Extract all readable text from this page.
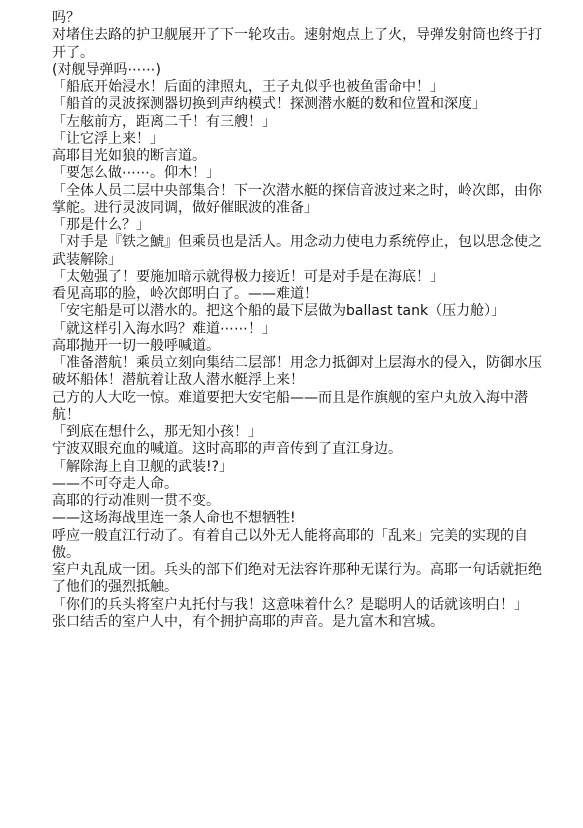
吗？

对堵住去路的护卫舰展开了下一轮攻击。速射炮点上了火，导弹发射筒也终于打开了。

(对舰导弹吗⋯⋯)

「船底开始浸水！后面的津照丸，王子丸似乎也被鱼雷命中！」

「船首的灵波探测器切换到声纳模式！探测潜水艇的数和位置和深度」

「左舷前方，距离二千！有三艘！」

「让它浮上来！」

高耶目光如狼的断言道。

「要怎么做⋯⋯。仰木！」

「全体人员二层中央部集合！下一次潜水艇的探信音波过来之时，岭次郎，由你掌舵。进行灵波同调，做好催眠波的准备」

「那是什么？」

「对手是『铁之鯱』但乘员也是活人。用念动力使电力系统停止，包以思念使之武装解除」

「太勉强了！要施加暗示就得极力接近！可是对手是在海底！」

看见高耶的脸，岭次郎明白了。——难道！

「安宅船是可以潜水的。把这个船的最下层做为ballast tank（压力舱）」

「就这样引入海水吗？难道⋯⋯！」

高耶抛开一切一般呼喊道。

「准备潜航！乘员立刻向集结二层部！用念力抵御对上层海水的侵入，防御水压破坏船体！潜航着让敌人潜水艇浮上来！

己方的人大吃一惊。难道要把大安宅船——而且是作旗舰的室户丸放入海中潜航！

「到底在想什么，那无知小孩！」

宁波双眼充血的喊道。这时高耶的声音传到了直江身边。

「解除海上自卫舰的武装!?」

——不可夺走人命。

高耶的行动准则一贯不变。

——这场海战里连一条人命也不想牺牲!

呼应一般直江行动了。有着自己以外无人能将高耶的「乱来」完美的实现的自傲。

室户丸乱成一团。兵头的部下们绝对无法容许那种无谋行为。高耶一句话就拒绝了他们的强烈抵触。

「你们的兵头将室户丸托付与我！这意味着什么？是聪明人的话就该明白！」

张口结舌的室户人中，有个拥护高耶的声音。是九富木和宫城。
